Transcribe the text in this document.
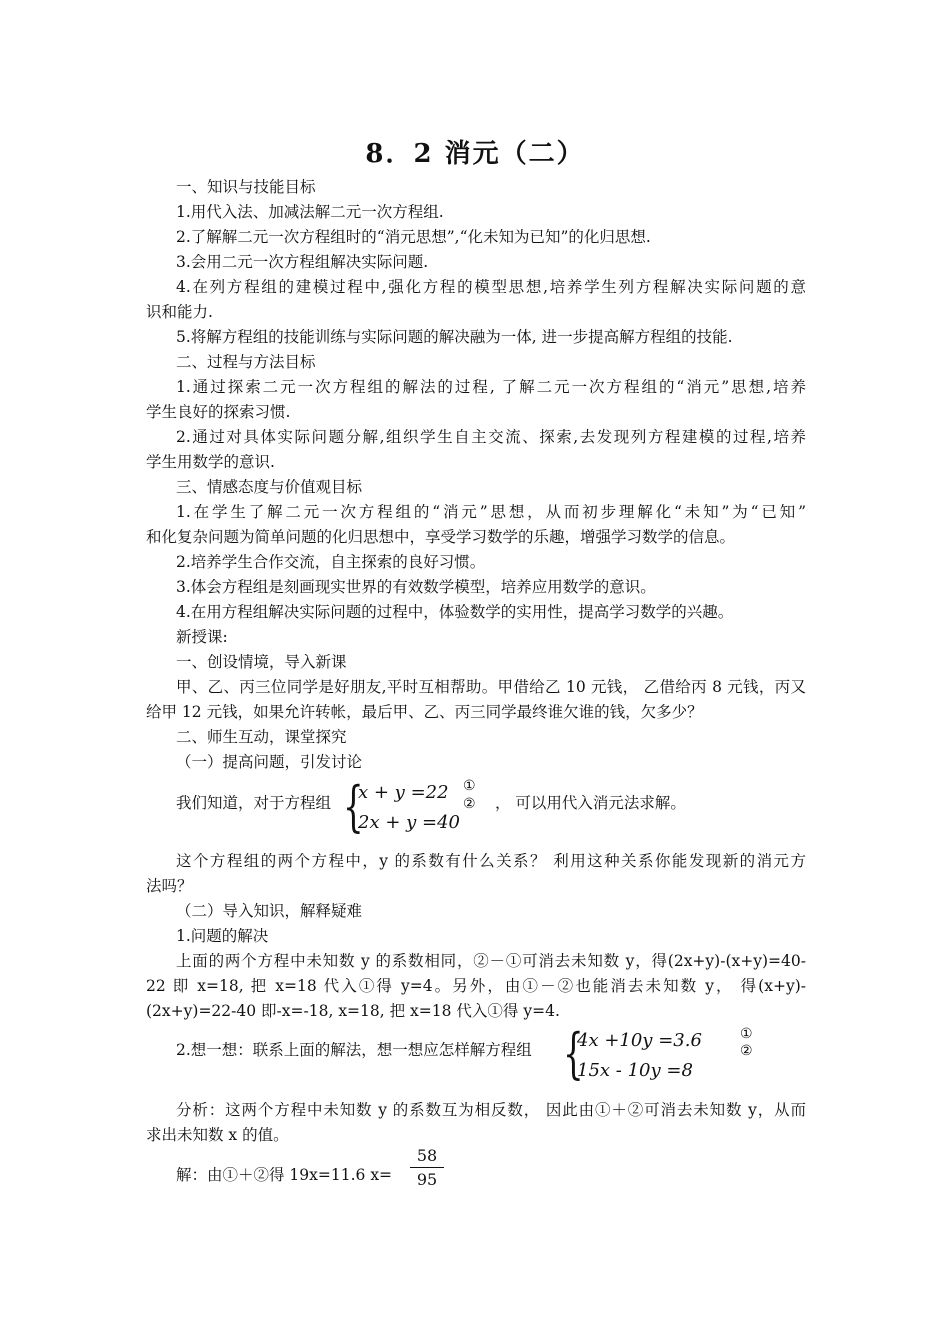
8．2 消元（二）
一、知识与技能目标
1.用代入法、加减法解二元一次方程组.
2.了解解二元一次方程组时的“消元思想”,“化未知为已知”的化归思想.
3.会用二元一次方程组解决实际问题.
4.在列方程组的建模过程中,强化方程的模型思想,培养学生列方程解决实际问题的意
识和能力.
5.将解方程组的技能训练与实际问题的解决融为一体, 进一步提高解方程组的技能.
二、过程与方法目标
1.通过探索二元一次方程组的解法的过程, 了解二元一次方程组的“消元”思想,培养
学生良好的探索习惯.
2.通过对具体实际问题分解,组织学生自主交流、探索,去发现列方程建模的过程,培养
学生用数学的意识.
三、情感态度与价值观目标
1.在学生了解二元一次方程组的“消元”思想，从而初步理解化“未知”为“已知”
和化复杂问题为简单问题的化归思想中，享受学习数学的乐趣，增强学习数学的信息。
2.培养学生合作交流，自主探索的良好习惯。
3.体会方程组是刻画现实世界的有效数学模型，培养应用数学的意识。
4.在用方程组解决实际问题的过程中，体验数学的实用性，提高学习数学的兴趣。
新授课:
一、创设情境，导入新课
甲、乙、丙三位同学是好朋友,平时互相帮助。甲借给乙 10 元钱， 乙借给丙 8 元钱，丙又
给甲 12 元钱，如果允许转帐，最后甲、乙、丙三同学最终谁欠谁的钱，欠多少？
二、师生互动，课堂探究
（一）提高问题，引发讨论
我们知道，对于方程组 {
x + y =22
2x + y =40
①
② ， 可以用代入消元法求解。
这个方程组的两个方程中，y 的系数有什么关系？ 利用这种关系你能发现新的消元方
法吗？
（二）导入知识，解释疑难
1.问题的解决
上面的两个方程中未知数 y 的系数相同，②－①可消去未知数 y，得(2x+y)-(x+y)=40-
22 即 x=18, 把 x=18 代入①得 y=4。另外，由①－②也能消去未知数 y， 得(x+y)-
(2x+y)=22-40 即-x=-18, x=18, 把 x=18 代入①得 y=4.
2.想一想：联系上面的解法，想一想应怎样解方程组 {
4x +10y =3.6
15x - 10y =8
①
②
分析：这两个方程中未知数 y 的系数互为相反数， 因此由①＋②可消去未知数 y，从而
求出未知数 x 的值。
解：由①＋②得 19x=11.6 x=
58
95
